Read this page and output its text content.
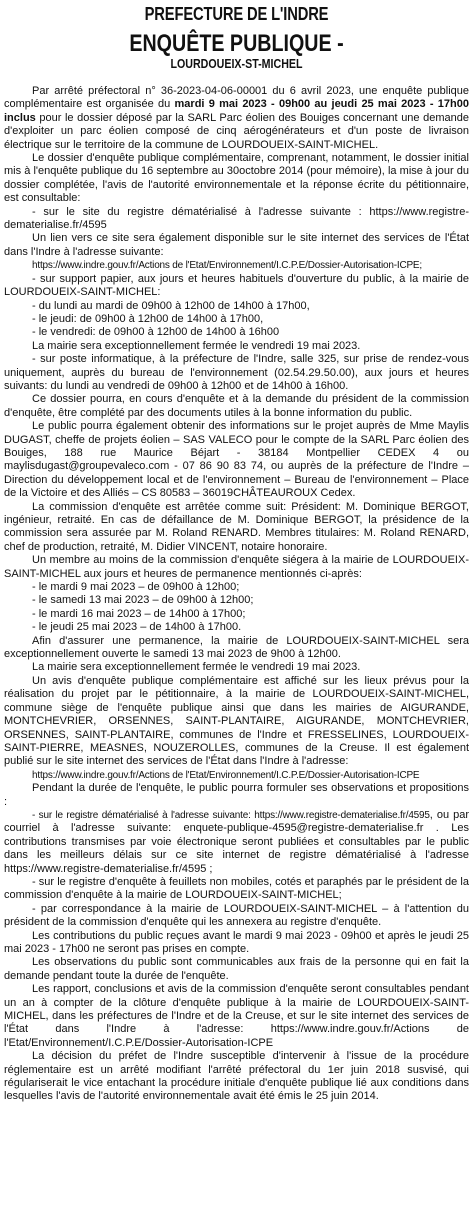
PREFECTURE DE L'INDRE
ENQUÊTE PUBLIQUE -
LOURDOUEIX-ST-MICHEL

Par arrêté préfectoral n° 36-2023-04-06-00001 du 6 avril 2023, une enquête publique complémentaire est organisée du mardi 9 mai 2023 - 09h00 au jeudi 25 mai 2023 - 17h00 inclus pour le dossier déposé par la SARL Parc éolien des Bouiges concernant une demande d'exploiter un parc éolien composé de cinq aérogénérateurs et d'un poste de livraison électrique sur le territoire de la commune de LOURDOUEIX-SAINT-MICHEL.

Le dossier d'enquête publique complémentaire, comprenant, notamment, le dossier initial mis à l'enquête publique du 16 septembre au 30octobre 2014 (pour mémoire), la mise à jour du dossier complétée, l'avis de l'autorité environnementale et la réponse écrite du pétitionnaire, est consultable:

- sur le site du registre dématérialisé à l'adresse suivante : https://www.registre-dematerialise.fr/4595

Un lien vers ce site sera également disponible sur le site internet des services de l'État dans l'Indre à l'adresse suivante:

https://www.indre.gouv.fr/Actions de l'Etat/Environnement/I.C.P.E/Dossier-Autorisation-ICPE;

- sur support papier, aux jours et heures habituels d'ouverture du public, à la mairie de LOURDOUEIX-SAINT-MICHEL:

- du lundi au mardi de 09h00 à 12h00 de 14h00 à 17h00,
- le jeudi: de 09h00 à 12h00 de 14h00 à 17h00,
- le vendredi: de 09h00 à 12h00 de 14h00 à 16h00

La mairie sera exceptionnellement fermée le vendredi 19 mai 2023.

- sur poste informatique, à la préfecture de l'Indre, salle 325, sur prise de rendez-vous uniquement, auprès du bureau de l'environnement (02.54.29.50.00), aux jours et heures suivants: du lundi au vendredi de 09h00 à 12h00 et de 14h00 à 16h00.

Ce dossier pourra, en cours d'enquête et à la demande du président de la commission d'enquête, être complété par des documents utiles à la bonne information du public.

Le public pourra également obtenir des informations sur le projet auprès de Mme Maylis DUGAST, cheffe de projets éolien – SAS VALECO pour le compte de la SARL Parc éolien des Bouiges, 188 rue Maurice Béjart - 38184 Montpellier CEDEX 4 ou maylisdugast@groupevaleco.com - 07 86 90 83 74, ou auprès de la préfecture de l'Indre – Direction du développement local et de l'environnement – Bureau de l'environnement – Place de la Victoire et des Alliés – CS 80583 – 36019CHÂTEAUROUX Cedex.

La commission d'enquête est arrêtée comme suit: Président: M. Dominique BERGOT, ingénieur, retraité. En cas de défaillance de M. Dominique BERGOT, la présidence de la commission sera assurée par M. Roland RENARD. Membres titulaires: M. Roland RENARD, chef de production, retraité, M. Didier VINCENT, notaire honoraire.

Un membre au moins de la commission d'enquête siégera à la mairie de LOURDOUEIX-SAINT-MICHEL aux jours et heures de permanence mentionnés ci-après:

- le mardi 9 mai 2023 – de 09h00 à 12h00;
- le samedi 13 mai 2023 – de 09h00 à 12h00;
- le mardi 16 mai 2023 – de 14h00 à 17h00;
- le jeudi 25 mai 2023 – de 14h00 à 17h00.

Afin d'assurer une permanence, la mairie de LOURDOUEIX-SAINT-MICHEL sera exceptionnellement ouverte le samedi 13 mai 2023 de 9h00 à 12h00.

La mairie sera exceptionnellement fermée le vendredi 19 mai 2023.

Un avis d'enquête publique complémentaire est affiché sur les lieux prévus pour la réalisation du projet par le pétitionnaire, à la mairie de LOURDOUEIX-SAINT-MICHEL, commune siège de l'enquête publique ainsi que dans les mairies de AIGURANDE, MONTCHEVRIER, ORSENNES, SAINT-PLANTAIRE, AIGURANDE, MONTCHEVRIER, ORSENNES, SAINT-PLANTAIRE, communes de l'Indre et FRESSELINES, LOURDOUEIX-SAINT-PIERRE, MEASNES, NOUZEROLLES, communes de la Creuse. Il est également publié sur le site internet des services de l'État dans l'Indre à l'adresse:

https://www.indre.gouv.fr/Actions de l'Etat/Environnement/I.C.P.E/Dossier-Autorisation-ICPE

Pendant la durée de l'enquête, le public pourra formuler ses observations et propositions :

- sur le registre dématérialisé à l'adresse suivante: https://www.registre-dematerialise.fr/4595, ou par courriel à l'adresse suivante: enquete-publique-4595@registre-dematerialise.fr . Les contributions transmises par voie électronique seront publiées et consultables par le public dans les meilleurs délais sur ce site internet de registre dématérialisé à l'adresse https://www.registre-dematerialise.fr/4595 ;

- sur le registre d'enquête à feuillets non mobiles, cotés et paraphés par le président de la commission d'enquête à la mairie de LOURDOUEIX-SAINT-MICHEL;

- par correspondance à la mairie de LOURDOUEIX-SAINT-MICHEL – à l'attention du président de la commission d'enquête qui les annexera au registre d'enquête.

Les contributions du public reçues avant le mardi 9 mai 2023 - 09h00 et après le jeudi 25 mai 2023 - 17h00 ne seront pas prises en compte.

Les observations du public sont communicables aux frais de la personne qui en fait la demande pendant toute la durée de l'enquête.

Les rapport, conclusions et avis de la commission d'enquête seront consultables pendant un an à compter de la clôture d'enquête publique à la mairie de LOURDOUEIX-SAINT-MICHEL, dans les préfectures de l'Indre et de la Creuse, et sur le site internet des services de l'État dans l'Indre à l'adresse: https://www.indre.gouv.fr/Actions de l'Etat/Environnement/I.C.P.E/Dossier-Autorisation-ICPE

La décision du préfet de l'Indre susceptible d'intervenir à l'issue de la procédure réglementaire est un arrêté modifiant l'arrêté préfectoral du 1er juin 2018 susvisé, qui régulariserait le vice entachant la procédure initiale d'enquête publique lié aux conditions dans lesquelles l'avis de l'autorité environnementale avait été émis le 25 juin 2014.
